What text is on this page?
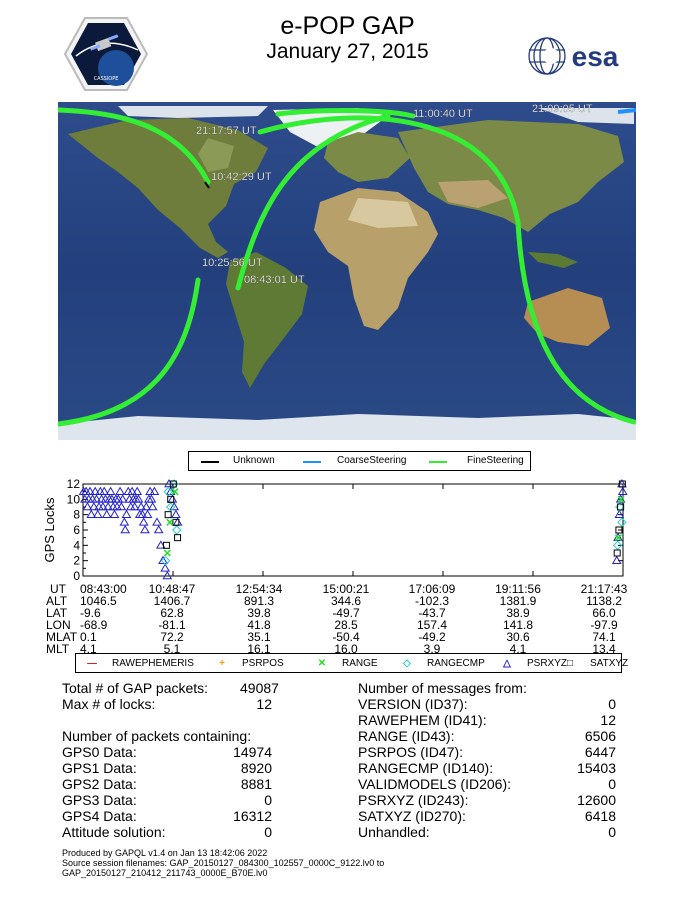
e-POP GAP
January 27, 2015
CASSIOPE
esa
21:09:05 UT
11:00:40 UT
21:17:57 UT
10:42:29 UT
10:25:56 UT
08:43:01 UT
Unknown	CoarseSteering	FineSteering
0
2
4
6
8
10
12
GPS Locks
UT 08:43:00	10:48:47	12:54:34	15:00:21	17:06:09	19:11:56	21:17:43
ALT 1046.5	1406.7	891.3	344.6	-102.3	1381.9	1138.2
LAT -9.6	62.8	39.8	-49.7	-43.7	38.9	66.0
LON -68.9	-81.1	41.8	28.5	157.4	141.8	-97.9
MLAT 0.1	72.2	35.1	-50.4	-49.2	30.6	74.1
MLT 4.1	5.1	16.1	16.0	3.9	4.1	13.4
— RAWEPHEMERIS	+	PSRPOS	✕ RANGE	◇ RANGECMP △ PSRXYZ □ SATXYZ
Total # of GAP packets: 49087
Max # of locks:	12
Number of packets containing:
GPS0 Data:	14974
GPS1 Data:	8920
GPS2 Data:	8881
GPS3 Data:	0
GPS4 Data:	16312
Attitude solution:	0
Number of messages from:
VERSION (ID37):	0
RAWEPHEM (ID41):	12
RANGE (ID43):	6506
PSRPOS (ID47):	6447
RANGECMP (ID140):	15403
VALIDMODELS (ID206):	0
PSRXYZ (ID243):	12600
SATXYZ (ID270):	6418
Unhandled:	0
Produced by GAPQL v1.4 on Jan 13 18:42:06 2022
Source session filenames: GAP_20150127_084300_102557_0000C_9122.lv0 to
GAP_20150127_210412_211743_0000E_B70E.lv0
